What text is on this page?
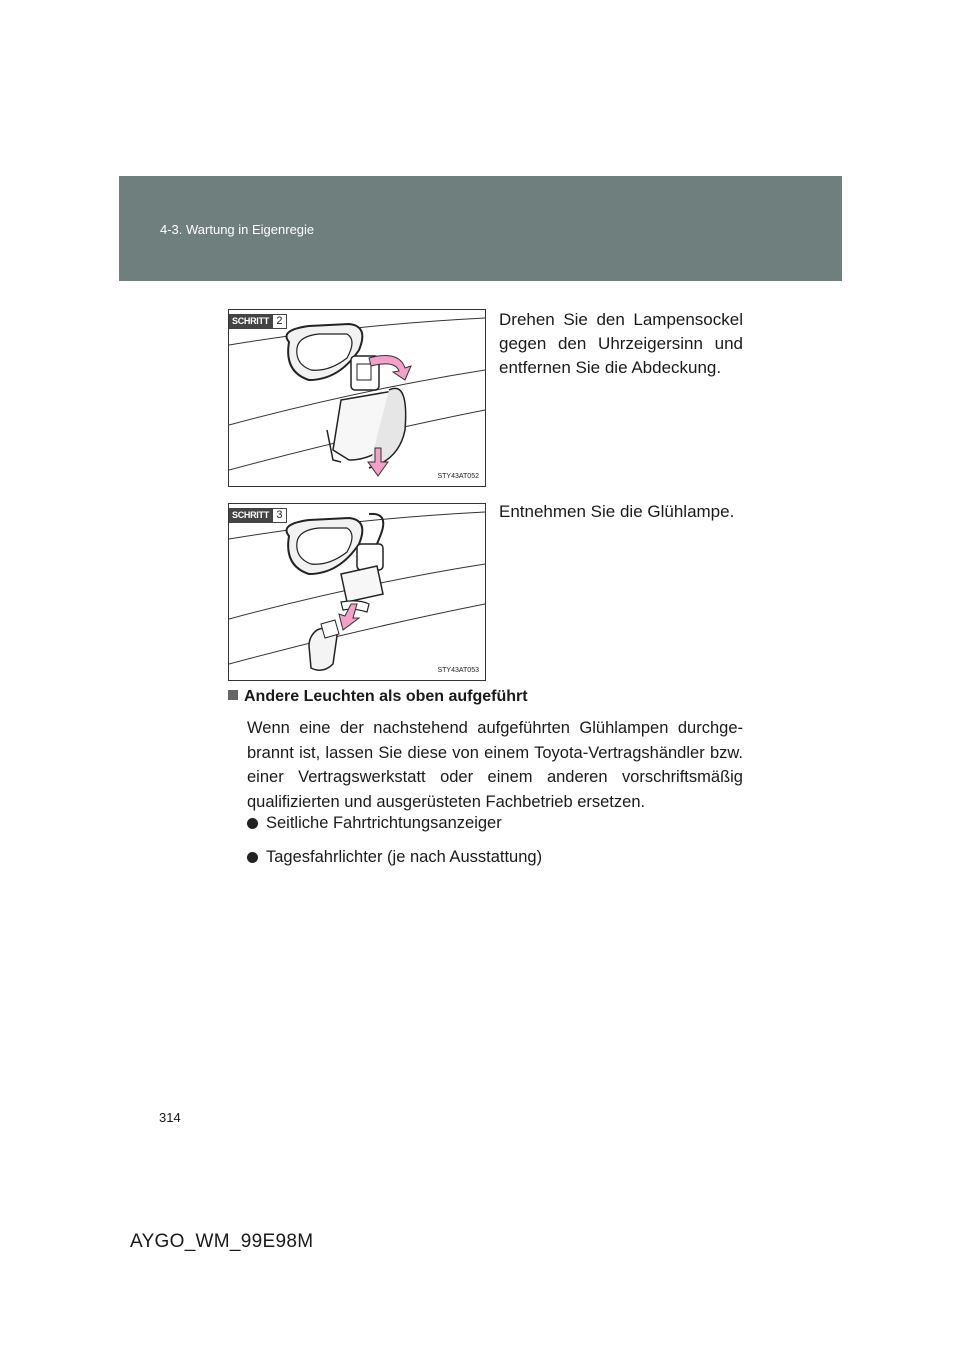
4-3. Wartung in Eigenregie
SCHRITT 2
STY43AT052
Drehen Sie den Lampensockel gegen den Uhrzeigersinn und entfernen Sie die Abdeckung.
SCHRITT 3
STY43AT053
Entnehmen Sie die Glühlampe.
Andere Leuchten als oben aufgeführt
Wenn eine der nachstehend aufgeführten Glühlampen durchge-brannt ist, lassen Sie diese von einem Toyota-Vertragshändler bzw. einer Vertragswerkstatt oder einem anderen vorschriftsmäßig qualifizierten und ausgerüsteten Fachbetrieb ersetzen.
Seitliche Fahrtrichtungsanzeiger
Tagesfahrlichter (je nach Ausstattung)
314
AYGO_WM_99E98M
